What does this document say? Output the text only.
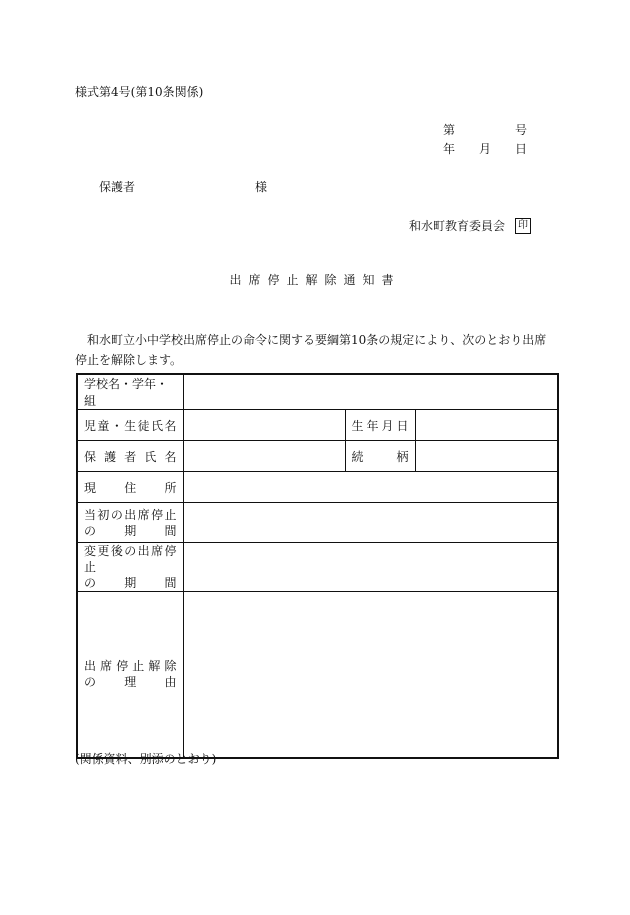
様式第4号(第10条関係)
第	号
年 月 日
保護者	様
和水町教育委員会	印
出席停止解除通知書
和水町立小中学校出席停止の命令に関する要綱第10条の規定により、次のとおり出席停止を解除します。
学校名・学年・組			

児童・生徒氏名		生年月日	

保護者氏名		続柄	

現住所			

当初の出席停止
の期間			

変更後の出席停止
の期間			

出席停止解除
の理由			

(関係資料、別添のとおり)
